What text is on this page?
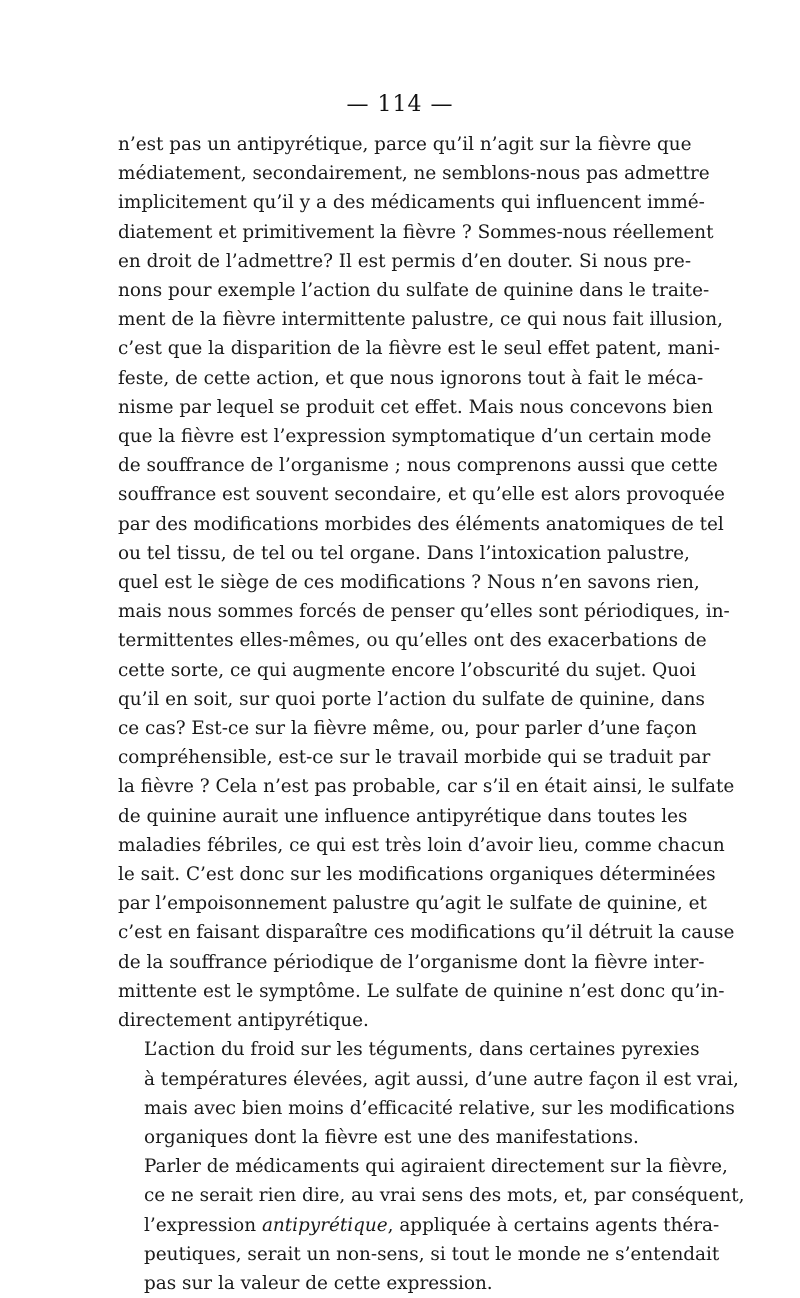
— 114 —

n’est pas un antipyrétique, parce qu’il n’agit sur la fièvre que
médiatement, secondairement, ne semblons-nous pas admettre
implicitement qu’il y a des médicaments qui influencent immé-
diatement et primitivement la fièvre ? Sommes-nous réellement
en droit de l’admettre? Il est permis d’en douter. Si nous pre-
nons pour exemple l’action du sulfate de quinine dans le traite-
ment de la fièvre intermittente palustre, ce qui nous fait illusion,
c’est que la disparition de la fièvre est le seul effet patent, mani-
feste, de cette action, et que nous ignorons tout à fait le méca-
nisme par lequel se produit cet effet. Mais nous concevons bien
que la fièvre est l’expression symptomatique d’un certain mode
de souffrance de l’organisme ; nous comprenons aussi que cette
souffrance est souvent secondaire, et qu’elle est alors provoquée
par des modifications morbides des éléments anatomiques de tel
ou tel tissu, de tel ou tel organe. Dans l’intoxication palustre,
quel est le siège de ces modifications ? Nous n’en savons rien,
mais nous sommes forcés de penser qu’elles sont périodiques, in-
termittentes elles-mêmes, ou qu’elles ont des exacerbations de
cette sorte, ce qui augmente encore l’obscurité du sujet. Quoi
qu’il en soit, sur quoi porte l’action du sulfate de quinine, dans
ce cas? Est-ce sur la fièvre même, ou, pour parler d’une façon
compréhensible, est-ce sur le travail morbide qui se traduit par
la fièvre ? Cela n’est pas probable, car s’il en était ainsi, le sulfate
de quinine aurait une influence antipyrétique dans toutes les
maladies fébriles, ce qui est très loin d’avoir lieu, comme chacun
le sait. C’est donc sur les modifications organiques déterminées
par l’empoisonnement palustre qu’agit le sulfate de quinine, et
c’est en faisant disparaître ces modifications qu’il détruit la cause
de la souffrance périodique de l’organisme dont la fièvre inter-
mittente est le symptôme. Le sulfate de quinine n’est donc qu’in-
directement antipyrétique.

L’action du froid sur les téguments, dans certaines pyrexies
à températures élevées, agit aussi, d’une autre façon il est vrai,
mais avec bien moins d’efficacité relative, sur les modifications
organiques dont la fièvre est une des manifestations.

Parler de médicaments qui agiraient directement sur la fièvre,
ce ne serait rien dire, au vrai sens des mots, et, par conséquent,
l’expression antipyrétique, appliquée à certains agents théra-
peutiques, serait un non-sens, si tout le monde ne s’entendait
pas sur la valeur de cette expression.
